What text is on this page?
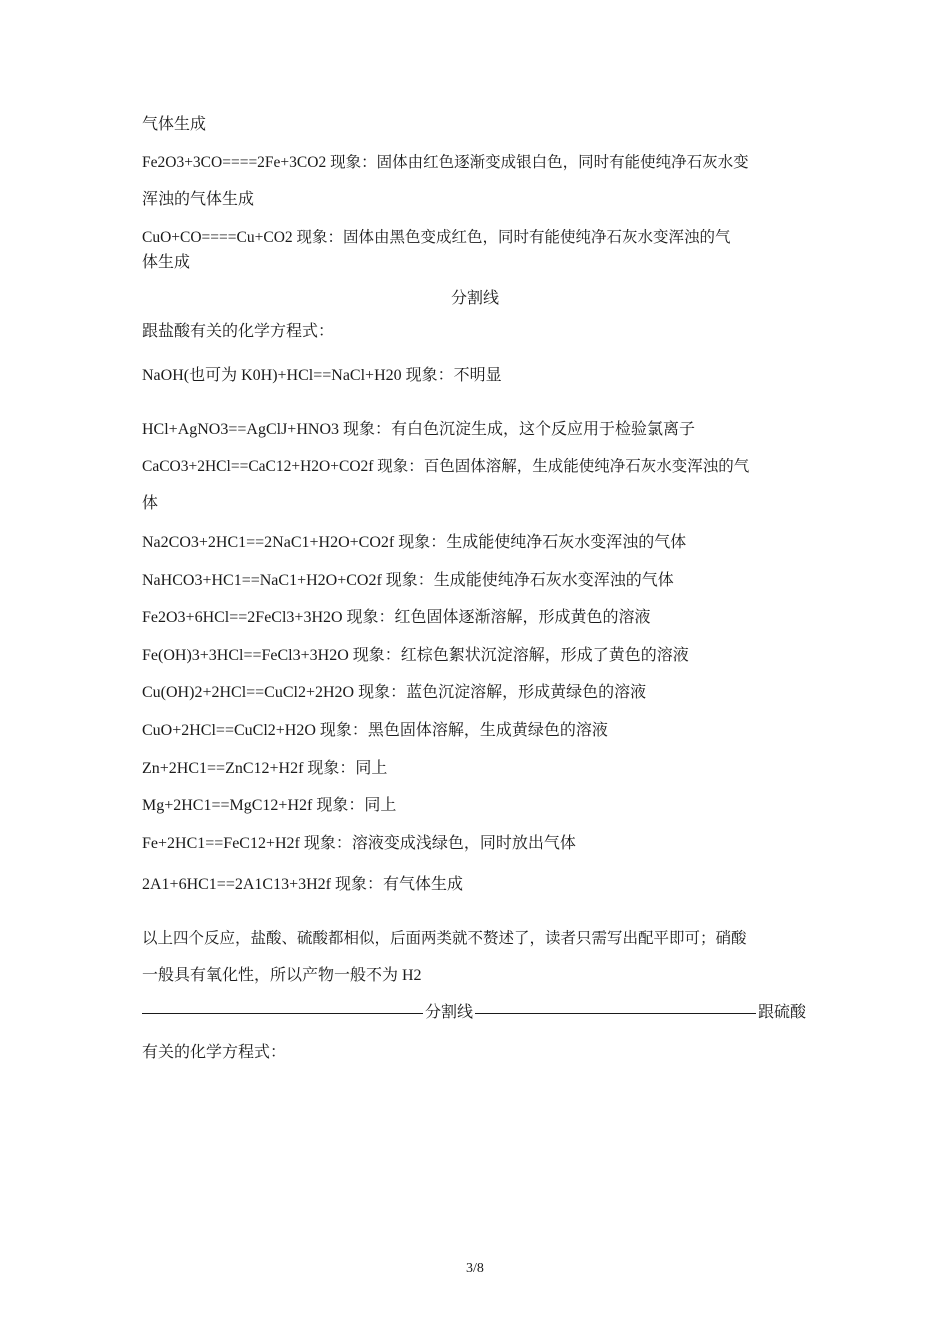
气体生成
Fe2O3+3CO====2Fe+3CO2 现象：固体由红色逐渐变成银白色，同时有能使纯净石灰水变
浑浊的气体生成
CuO+CO====Cu+CO2 现象：固体由黑色变成红色，同时有能使纯净石灰水变浑浊的气
体生成
分割线
跟盐酸有关的化学方程式：
NaOH(也可为 K0H)+HCl==NaCl+H20 现象：不明显
HCl+AgNO3==AgClJ+HNO3 现象：有白色沉淀生成，这个反应用于检验氯离子
CaCO3+2HCl==CaC12+H2O+CO2f 现象：百色固体溶解，生成能使纯净石灰水变浑浊的气
体
Na2CO3+2HC1==2NaC1+H2O+CO2f 现象：生成能使纯净石灰水变浑浊的气体
NaHCO3+HC1==NaC1+H2O+CO2f 现象：生成能使纯净石灰水变浑浊的气体
Fe2O3+6HCl==2FeCl3+3H2O 现象：红色固体逐渐溶解，形成黄色的溶液
Fe(OH)3+3HCl==FeCl3+3H2O 现象：红棕色絮状沉淀溶解，形成了黄色的溶液
Cu(OH)2+2HCl==CuCl2+2H2O 现象：蓝色沉淀溶解，形成黄绿色的溶液
CuO+2HCl==CuCl2+H2O 现象：黑色固体溶解，生成黄绿色的溶液
Zn+2HC1==ZnC12+H2f 现象：同上
Mg+2HC1==MgC12+H2f 现象：同上
Fe+2HC1==FeC12+H2f 现象：溶液变成浅绿色，同时放出气体
2A1+6HC1==2A1C13+3H2f 现象：有气体生成
以上四个反应，盐酸、硫酸都相似，后面两类就不赘述了，读者只需写出配平即可；硝酸
一般具有氧化性，所以产物一般不为 H2
分割线	跟硫酸
有关的化学方程式：
3/8
